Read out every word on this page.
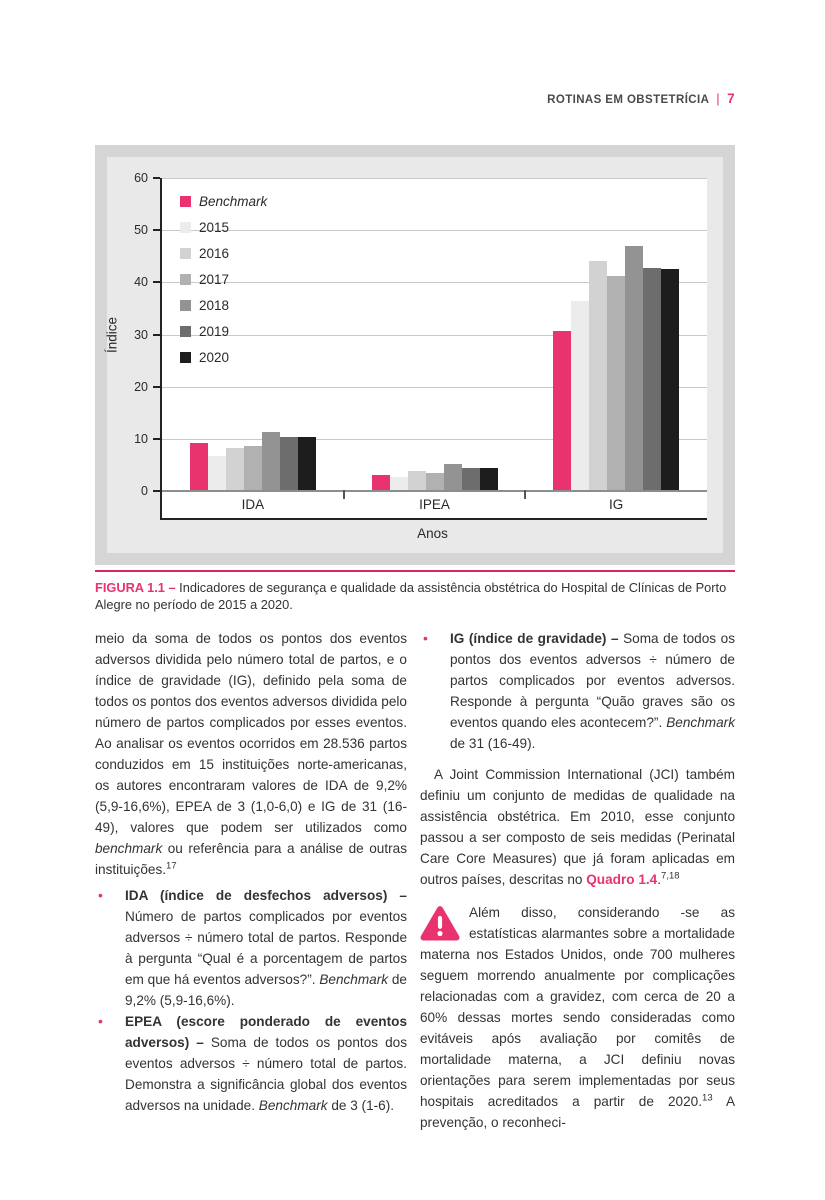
ROTINAS EM OBSTETRÍCIA | 7
Índice
0
10
20
30
40
50
60
IDA	IPEA	IG
Benchmark
2015
2016
2017
2018
2019
2020
Anos
FIGURA 1.1 – Indicadores de segurança e qualidade da assistência obstétrica do Hospital de Clínicas de Porto Alegre no período de 2015 a 2020.

meio da soma de todos os pontos dos eventos adversos dividida pelo número total de partos, e o índice de gravidade (IG), definido pela soma de todos os pontos dos eventos adversos dividida pelo número de partos complicados por esses eventos. Ao analisar os eventos ocorridos em 28.536 partos conduzidos em 15 instituições norte-americanas, os autores encontraram valores de IDA de 9,2% (5,9-16,6%), EPEA de 3 (1,0-6,0) e IG de 31 (16-49), valores que podem ser utilizados como benchmark ou referência para a análise de outras instituições.$^{17}$

•	IDA (índice de desfechos adversos) – Número de partos complicados por eventos adversos ÷ número total de partos. Responde à pergunta “Qual é a porcentagem de partos em que há eventos adversos?”. Benchmark de 9,2% (5,9-16,6%).
•	EPEA (escore ponderado de eventos adversos) – Soma de todos os pontos dos eventos adversos ÷ número total de partos. Demonstra a significância global dos eventos adversos na unidade. Benchmark de 3 (1-6).
•	IG (índice de gravidade) – Soma de todos os pontos dos eventos adversos ÷ número de partos complicados por eventos adversos. Responde à pergunta “Quão graves são os eventos quando eles acontecem?”. Benchmark de 31 (16-49).

A Joint Commission International (JCI) também definiu um conjunto de medidas de qualidade na assistência obstétrica. Em 2010, esse conjunto passou a ser composto de seis medidas (Perinatal Care Core Measures) que já foram aplicadas em outros países, descritas no Quadro 1.4.$^{7,18}$

Além disso, considerando -se as estatísticas alarmantes sobre a mortalidade materna nos Estados Unidos, onde 700 mulheres seguem morrendo anualmente por complicações relacionadas com a gravidez, com cerca de 20 a 60% dessas mortes sendo consideradas como evitáveis após avaliação por comitês de mortalidade materna, a JCI definiu novas orientações para serem implementadas por seus hospitais acreditados a partir de 2020.13 A prevenção, o reconheci-
